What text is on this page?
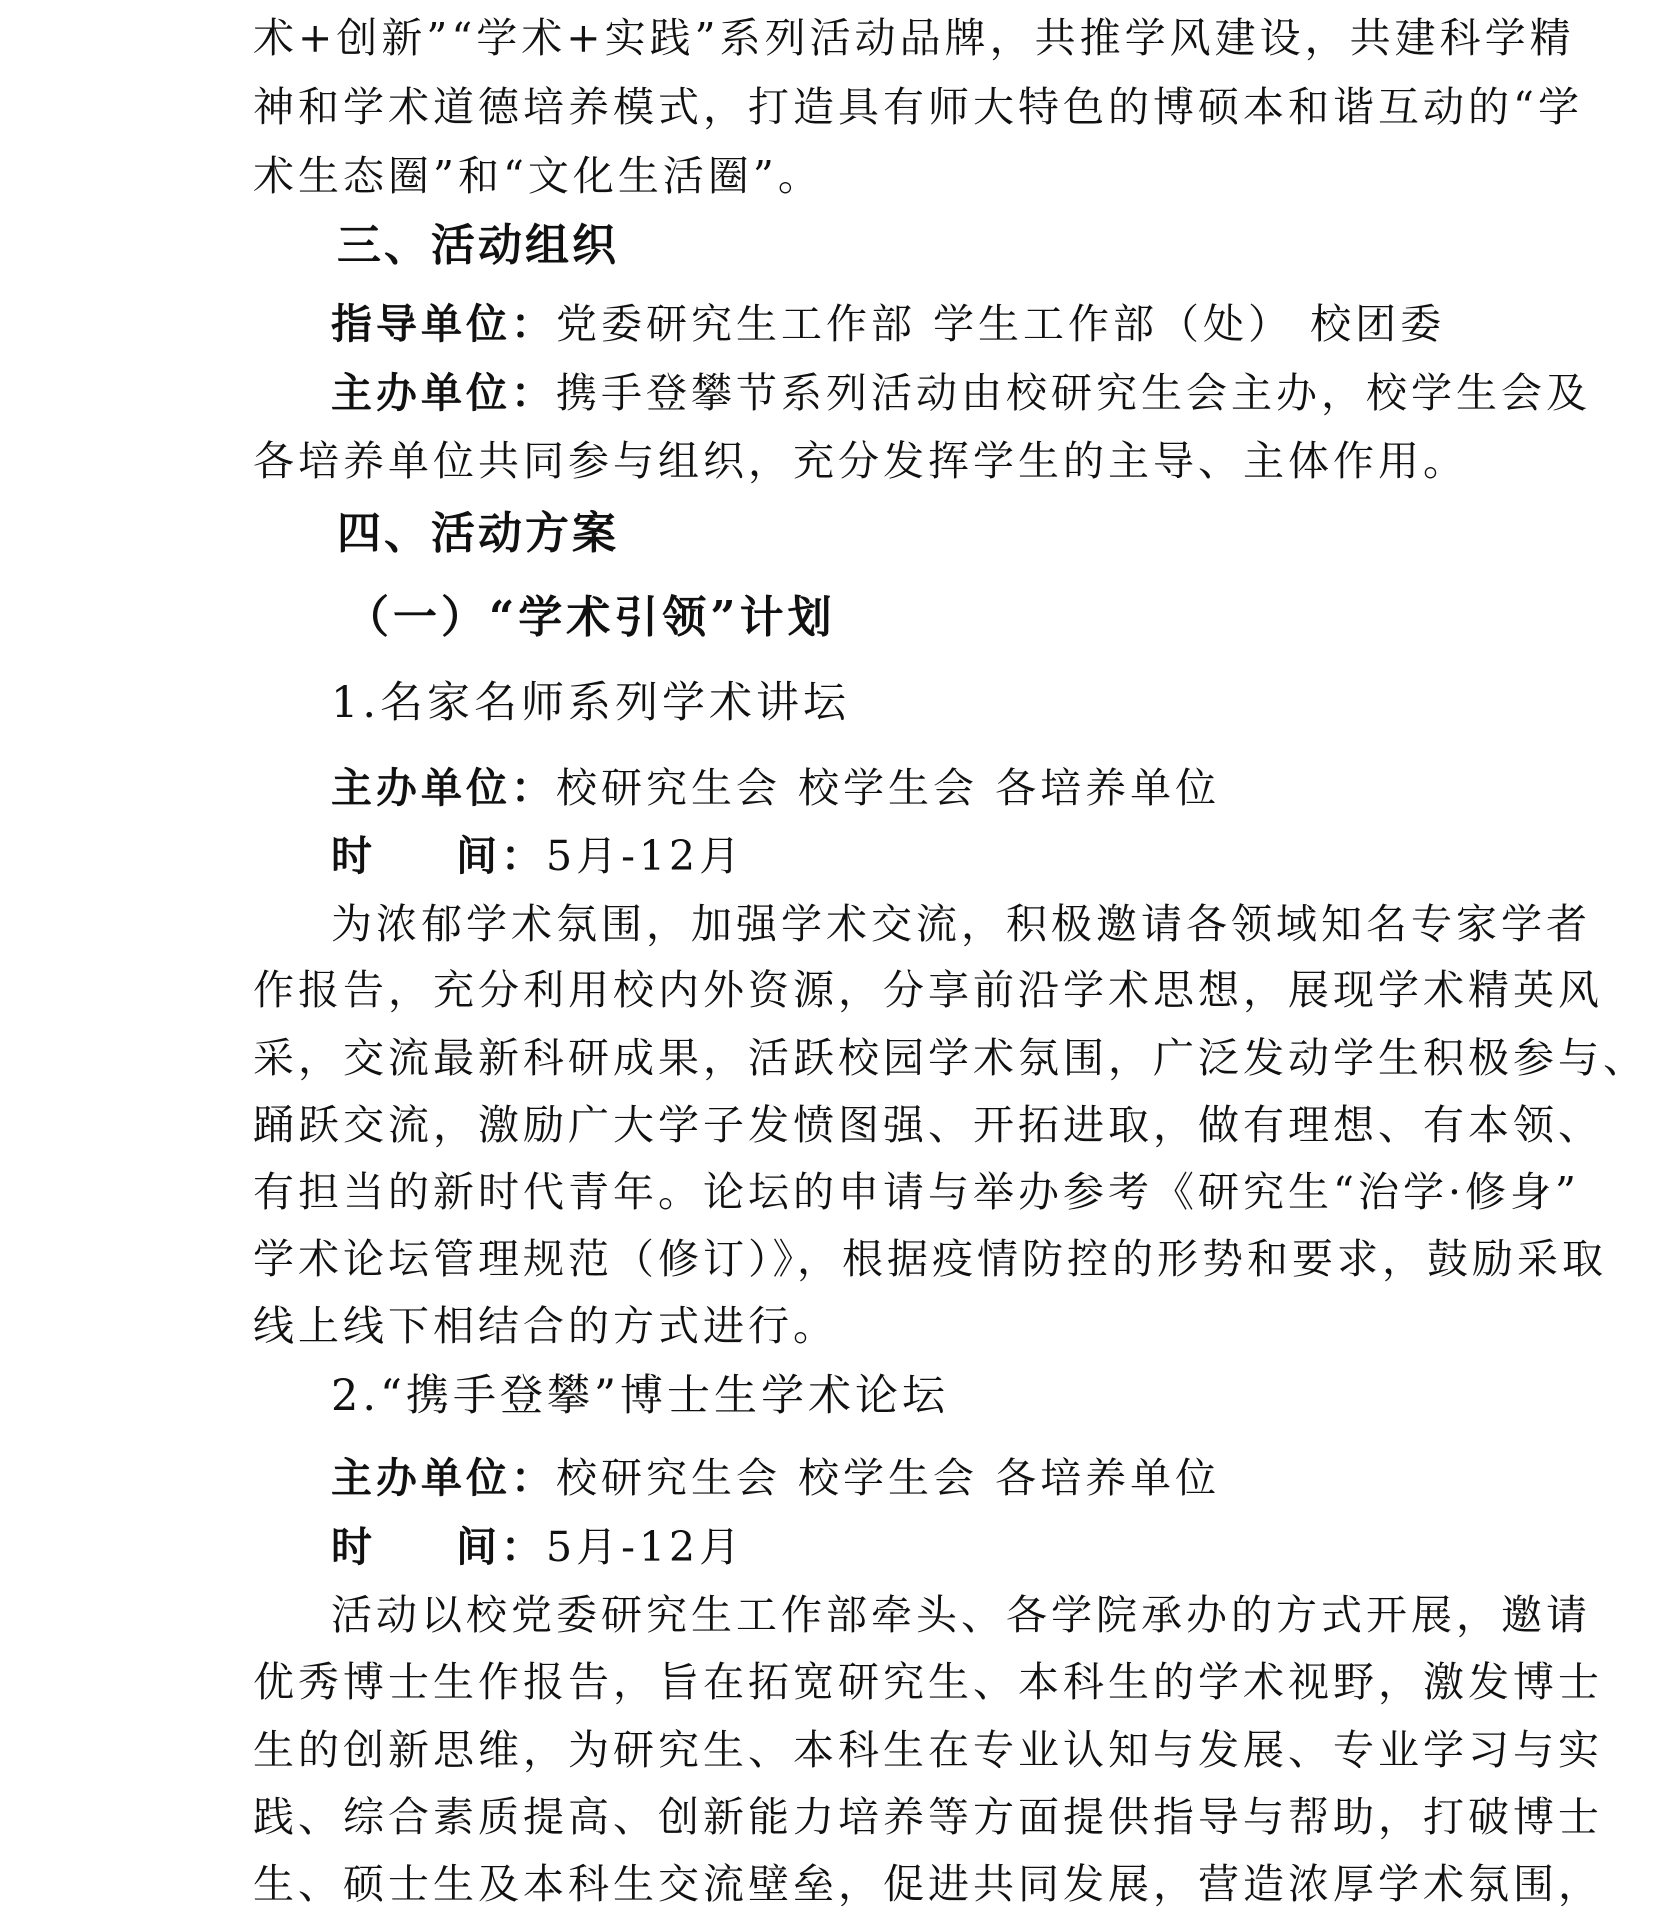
术+创新”“学术+实践”系列活动品牌，共推学风建设，共建科学精
神和学术道德培养模式，打造具有师大特色的博硕本和谐互动的“学
术生态圈”和“文化生活圈”。
三、活动组织
指导单位：党委研究生工作部 学生工作部（处） 校团委
主办单位：携手登攀节系列活动由校研究生会主办，校学生会及
各培养单位共同参与组织，充分发挥学生的主导、主体作用。
四、活动方案
（一）“学术引领”计划
1.名家名师系列学术讲坛
主办单位：校研究生会 校学生会 各培养单位
时 间：5月-12月
为浓郁学术氛围，加强学术交流，积极邀请各领域知名专家学者
作报告，充分利用校内外资源，分享前沿学术思想，展现学术精英风
采，交流最新科研成果，活跃校园学术氛围，广泛发动学生积极参与、
踊跃交流，激励广大学子发愤图强、开拓进取，做有理想、有本领、
有担当的新时代青年。论坛的申请与举办参考《研究生“治学·修身”
学术论坛管理规范（修订）》，根据疫情防控的形势和要求，鼓励采取
线上线下相结合的方式进行。
2.“携手登攀”博士生学术论坛
主办单位：校研究生会 校学生会 各培养单位
时 间：5月-12月
活动以校党委研究生工作部牵头、各学院承办的方式开展，邀请
优秀博士生作报告，旨在拓宽研究生、本科生的学术视野，激发博士
生的创新思维，为研究生、本科生在专业认知与发展、专业学习与实
践、综合素质提高、创新能力培养等方面提供指导与帮助，打破博士
生、硕士生及本科生交流壁垒，促进共同发展，营造浓厚学术氛围，
